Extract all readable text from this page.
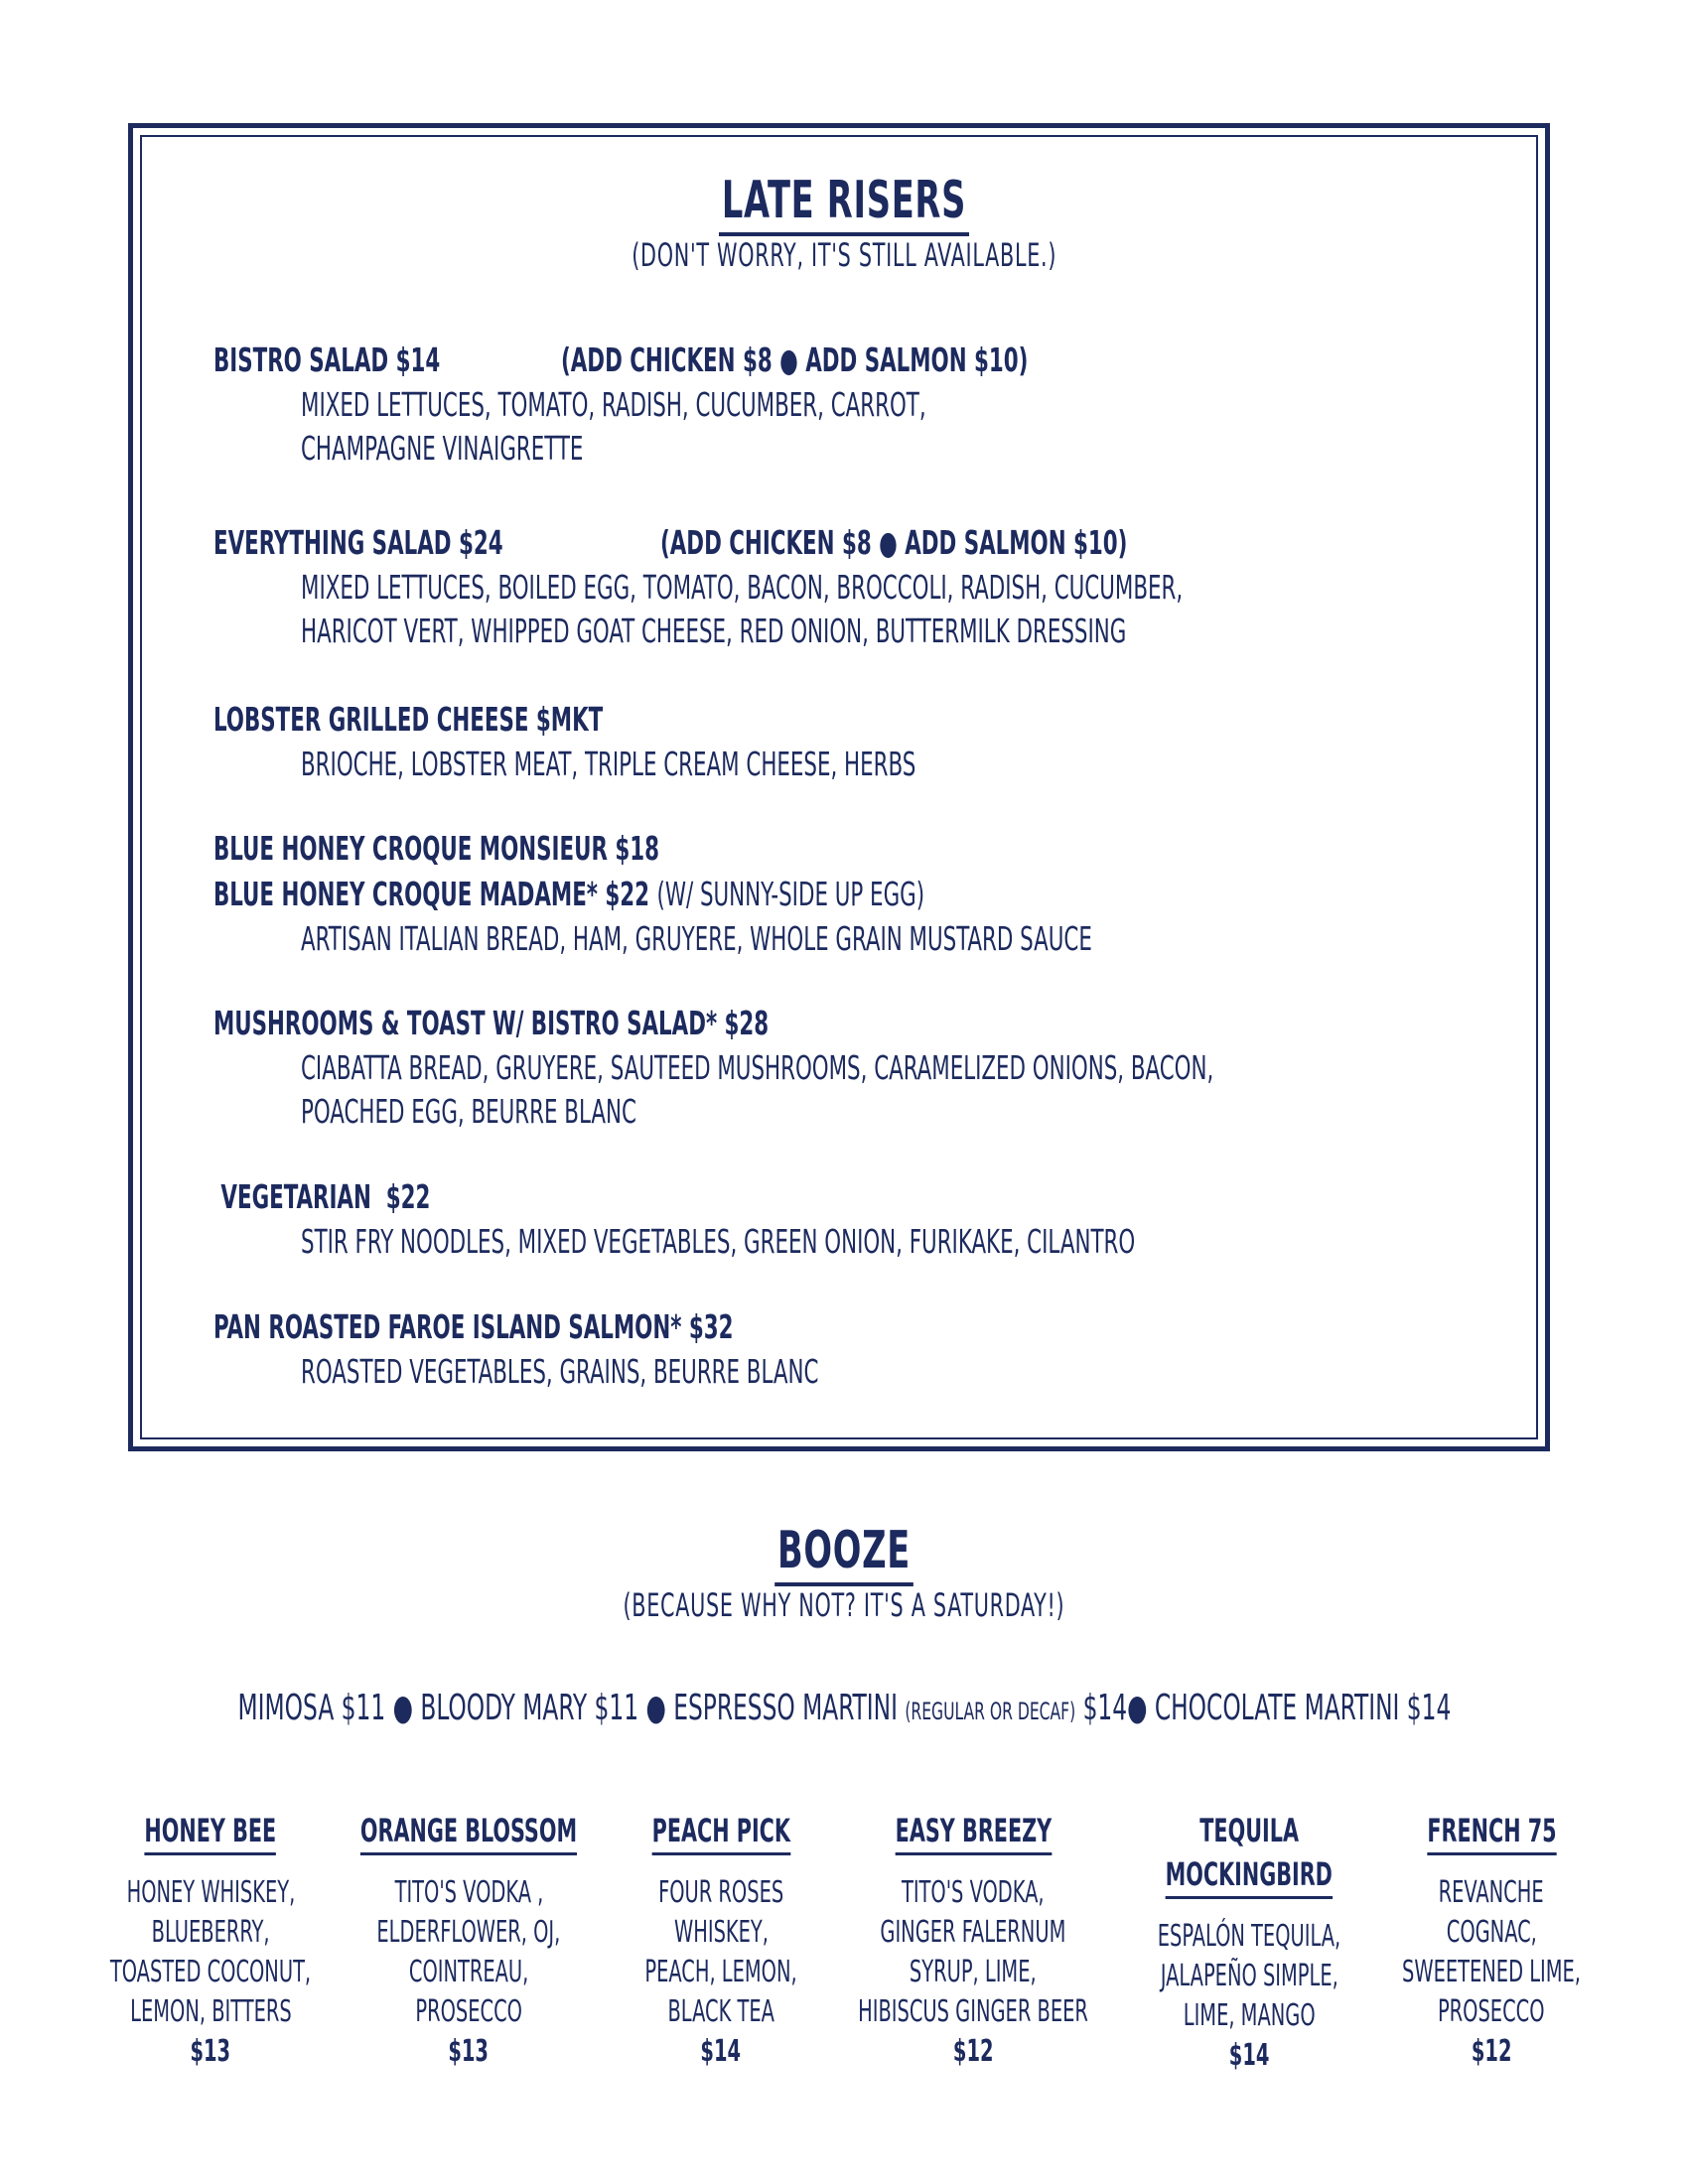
LATE RISERS
(DON'T WORRY, IT'S STILL AVAILABLE.)
BISTRO SALAD $14	(ADD CHICKEN $8 ● ADD SALMON $10)
MIXED LETTUCES, TOMATO, RADISH, CUCUMBER, CARROT,
CHAMPAGNE VINAIGRETTE
EVERYTHING SALAD $24	(ADD CHICKEN $8 ● ADD SALMON $10)
MIXED LETTUCES, BOILED EGG, TOMATO, BACON, BROCCOLI, RADISH, CUCUMBER,
HARICOT VERT, WHIPPED GOAT CHEESE, RED ONION, BUTTERMILK DRESSING
LOBSTER GRILLED CHEESE $MKT
BRIOCHE, LOBSTER MEAT, TRIPLE CREAM CHEESE, HERBS
BLUE HONEY CROQUE MONSIEUR $18
BLUE HONEY CROQUE MADAME* $22 (W/ SUNNY-SIDE UP EGG)
ARTISAN ITALIAN BREAD, HAM, GRUYERE, WHOLE GRAIN MUSTARD SAUCE
MUSHROOMS & TOAST W/ BISTRO SALAD* $28
CIABATTA BREAD, GRUYERE, SAUTEED MUSHROOMS, CARAMELIZED ONIONS, BACON,
POACHED EGG, BEURRE BLANC
VEGETARIAN  $22
STIR FRY NOODLES, MIXED VEGETABLES, GREEN ONION, FURIKAKE, CILANTRO
PAN ROASTED FAROE ISLAND SALMON* $32
ROASTED VEGETABLES, GRAINS, BEURRE BLANC
BOOZE
(BECAUSE WHY NOT? IT'S A SATURDAY!)
MIMOSA $11 ● BLOODY MARY $11 ● ESPRESSO MARTINI (REGULAR OR DECAF) $14● CHOCOLATE MARTINI $14
HONEY BEE
HONEY WHISKEY,
BLUEBERRY,
TOASTED COCONUT,
LEMON, BITTERS
$13
ORANGE BLOSSOM
TITO'S VODKA ,
ELDERFLOWER, OJ,
COINTREAU,
PROSECCO
$13
PEACH PICK
FOUR ROSES
WHISKEY,
PEACH, LEMON,
BLACK TEA
$14
EASY BREEZY
TITO'S VODKA,
GINGER FALERNUM
SYRUP, LIME,
HIBISCUS GINGER BEER
$12
TEQUILA
MOCKINGBIRD
ESPALÓN TEQUILA,
JALAPEÑO SIMPLE,
LIME, MANGO
$14
FRENCH 75
REVANCHE
COGNAC,
SWEETENED LIME,
PROSECCO
$12
